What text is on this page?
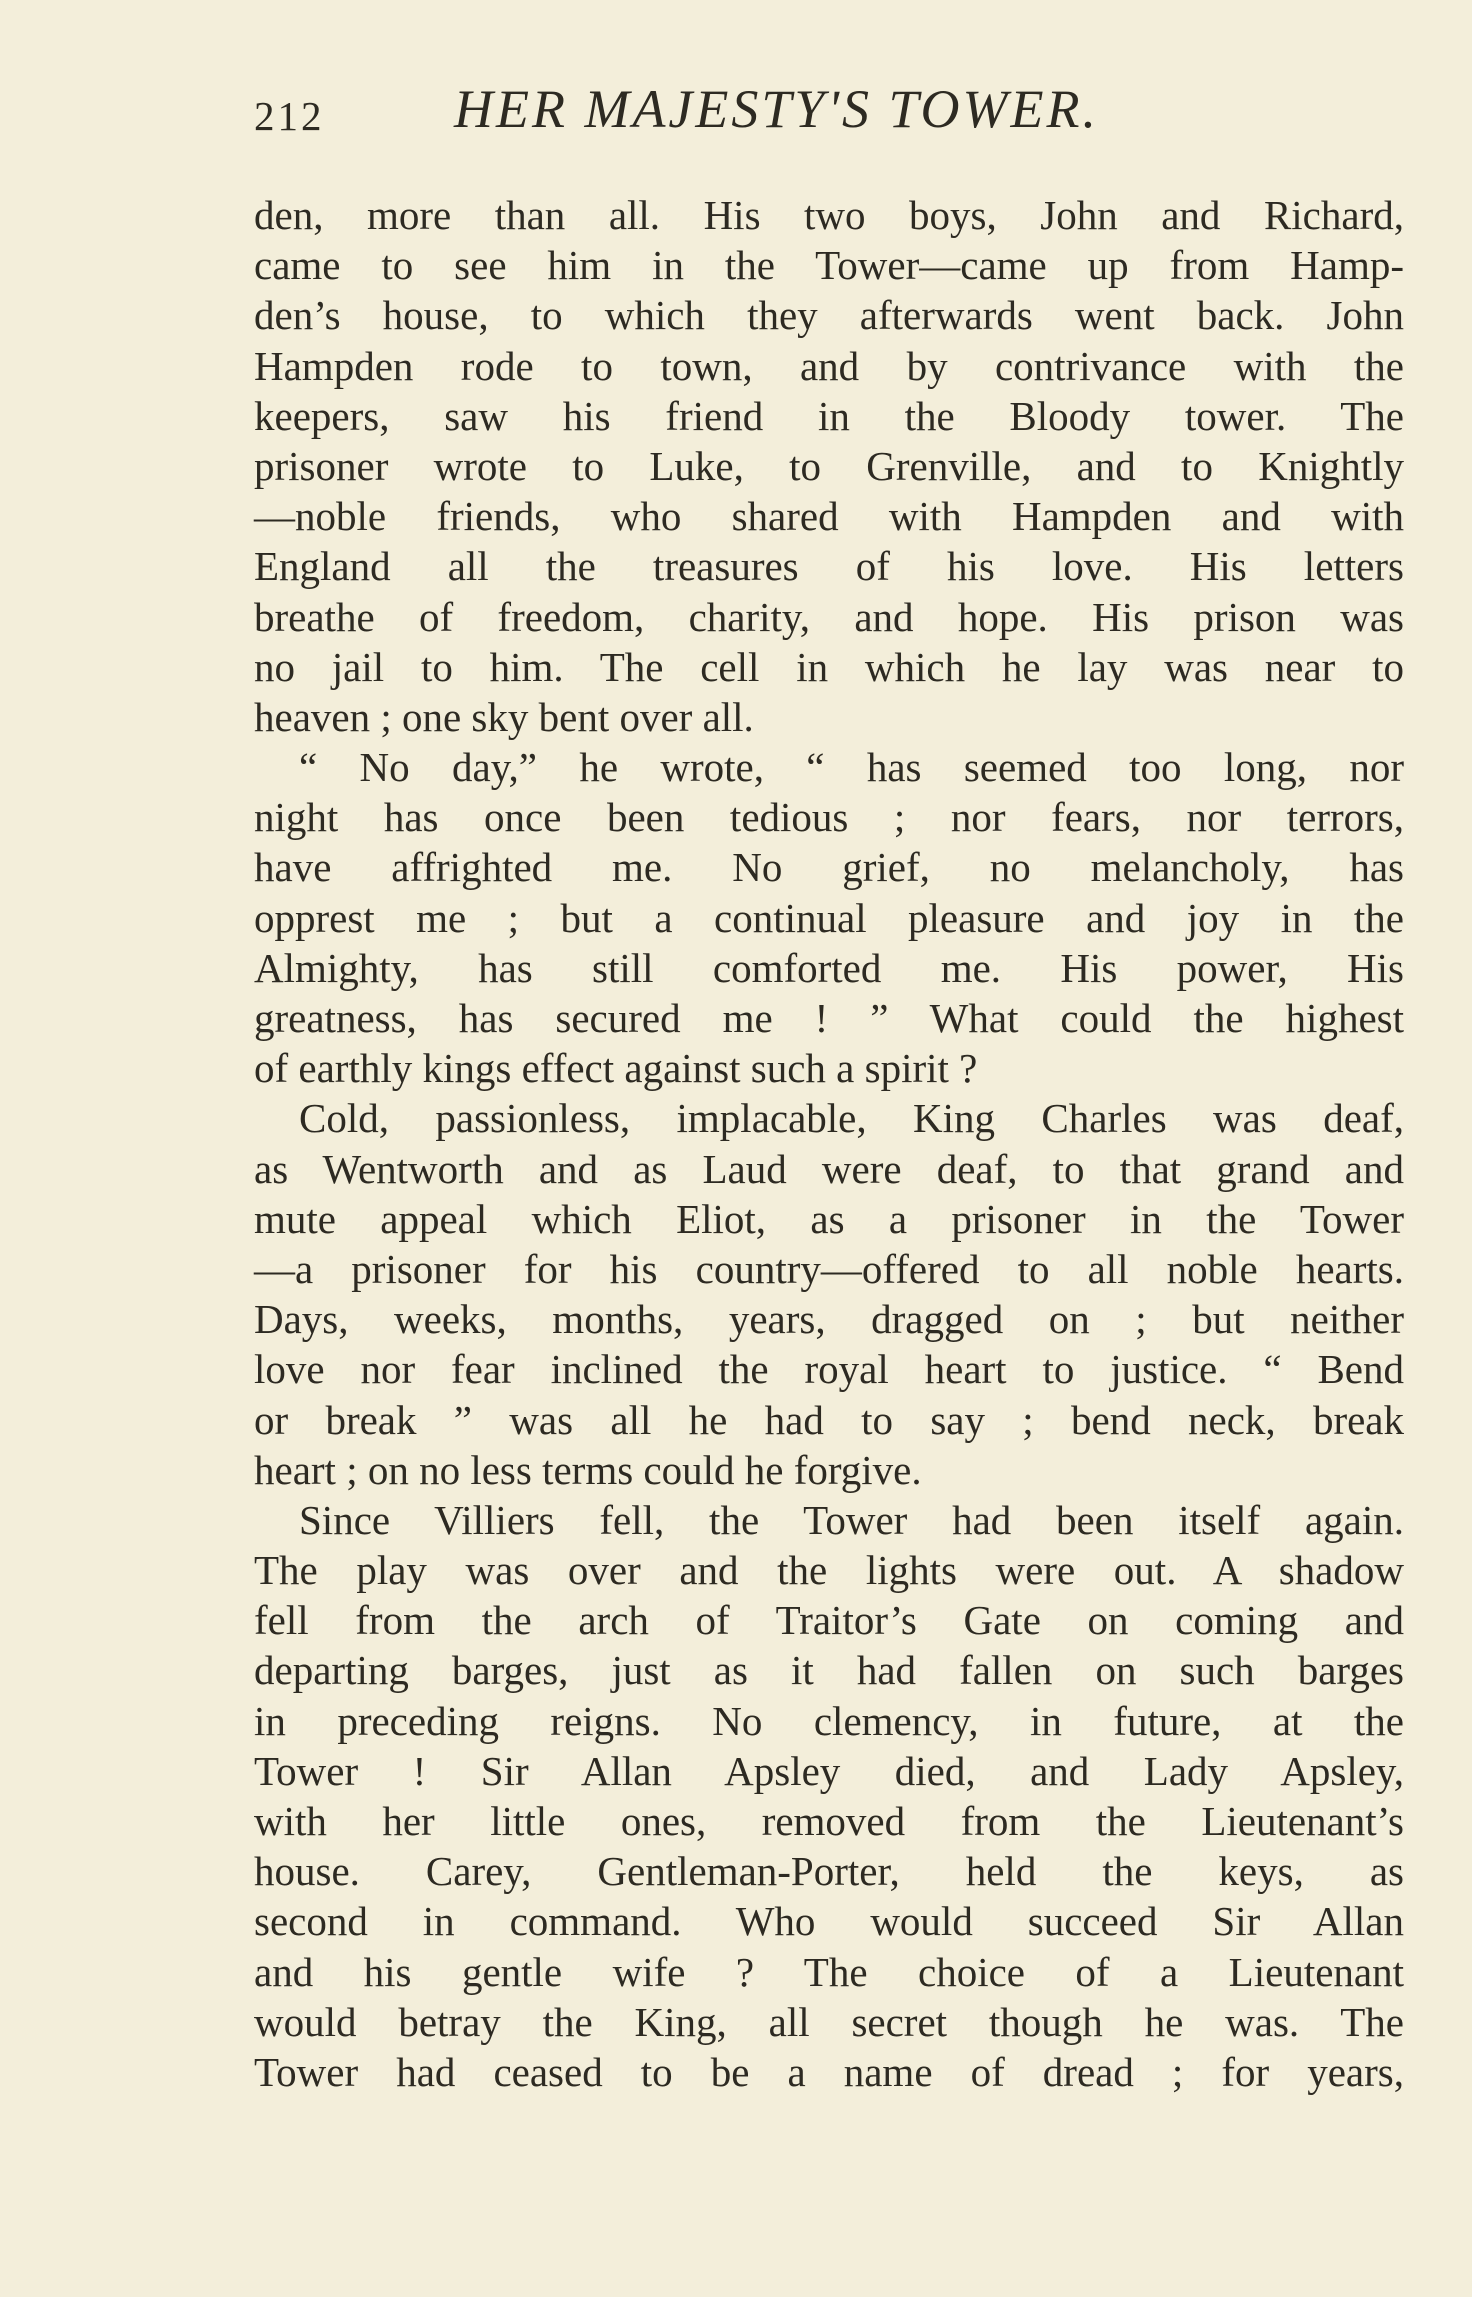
212 HER MAJESTY'S TOWER.
den, more than all. His two boys, John and Richard,
came to see him in the Tower—came up from Hamp-
den’s house, to which they afterwards went back. John
Hampden rode to town, and by contrivance with the
keepers, saw his friend in the Bloody tower. The
prisoner wrote to Luke, to Grenville, and to Knightly
—noble friends, who shared with Hampden and with
England all the treasures of his love. His letters
breathe of freedom, charity, and hope. His prison was
no jail to him. The cell in which he lay was near to
heaven ; one sky bent over all.
“ No day,” he wrote, “ has seemed too long, nor
night has once been tedious ; nor fears, nor terrors,
have affrighted me. No grief, no melancholy, has
opprest me ; but a continual pleasure and joy in the
Almighty, has still comforted me. His power, His
greatness, has secured me ! ” What could the highest
of earthly kings effect against such a spirit ?
Cold, passionless, implacable, King Charles was deaf,
as Wentworth and as Laud were deaf, to that grand and
mute appeal which Eliot, as a prisoner in the Tower
—a prisoner for his country—offered to all noble hearts.
Days, weeks, months, years, dragged on ; but neither
love nor fear inclined the royal heart to justice. “ Bend
or break ” was all he had to say ; bend neck, break
heart ; on no less terms could he forgive.
Since Villiers fell, the Tower had been itself again.
The play was over and the lights were out. A shadow
fell from the arch of Traitor’s Gate on coming and
departing barges, just as it had fallen on such barges
in preceding reigns. No clemency, in future, at the
Tower ! Sir Allan Apsley died, and Lady Apsley,
with her little ones, removed from the Lieutenant’s
house. Carey, Gentleman-Porter, held the keys, as
second in command. Who would succeed Sir Allan
and his gentle wife ? The choice of a Lieutenant
would betray the King, all secret though he was. The
Tower had ceased to be a name of dread ; for years,
